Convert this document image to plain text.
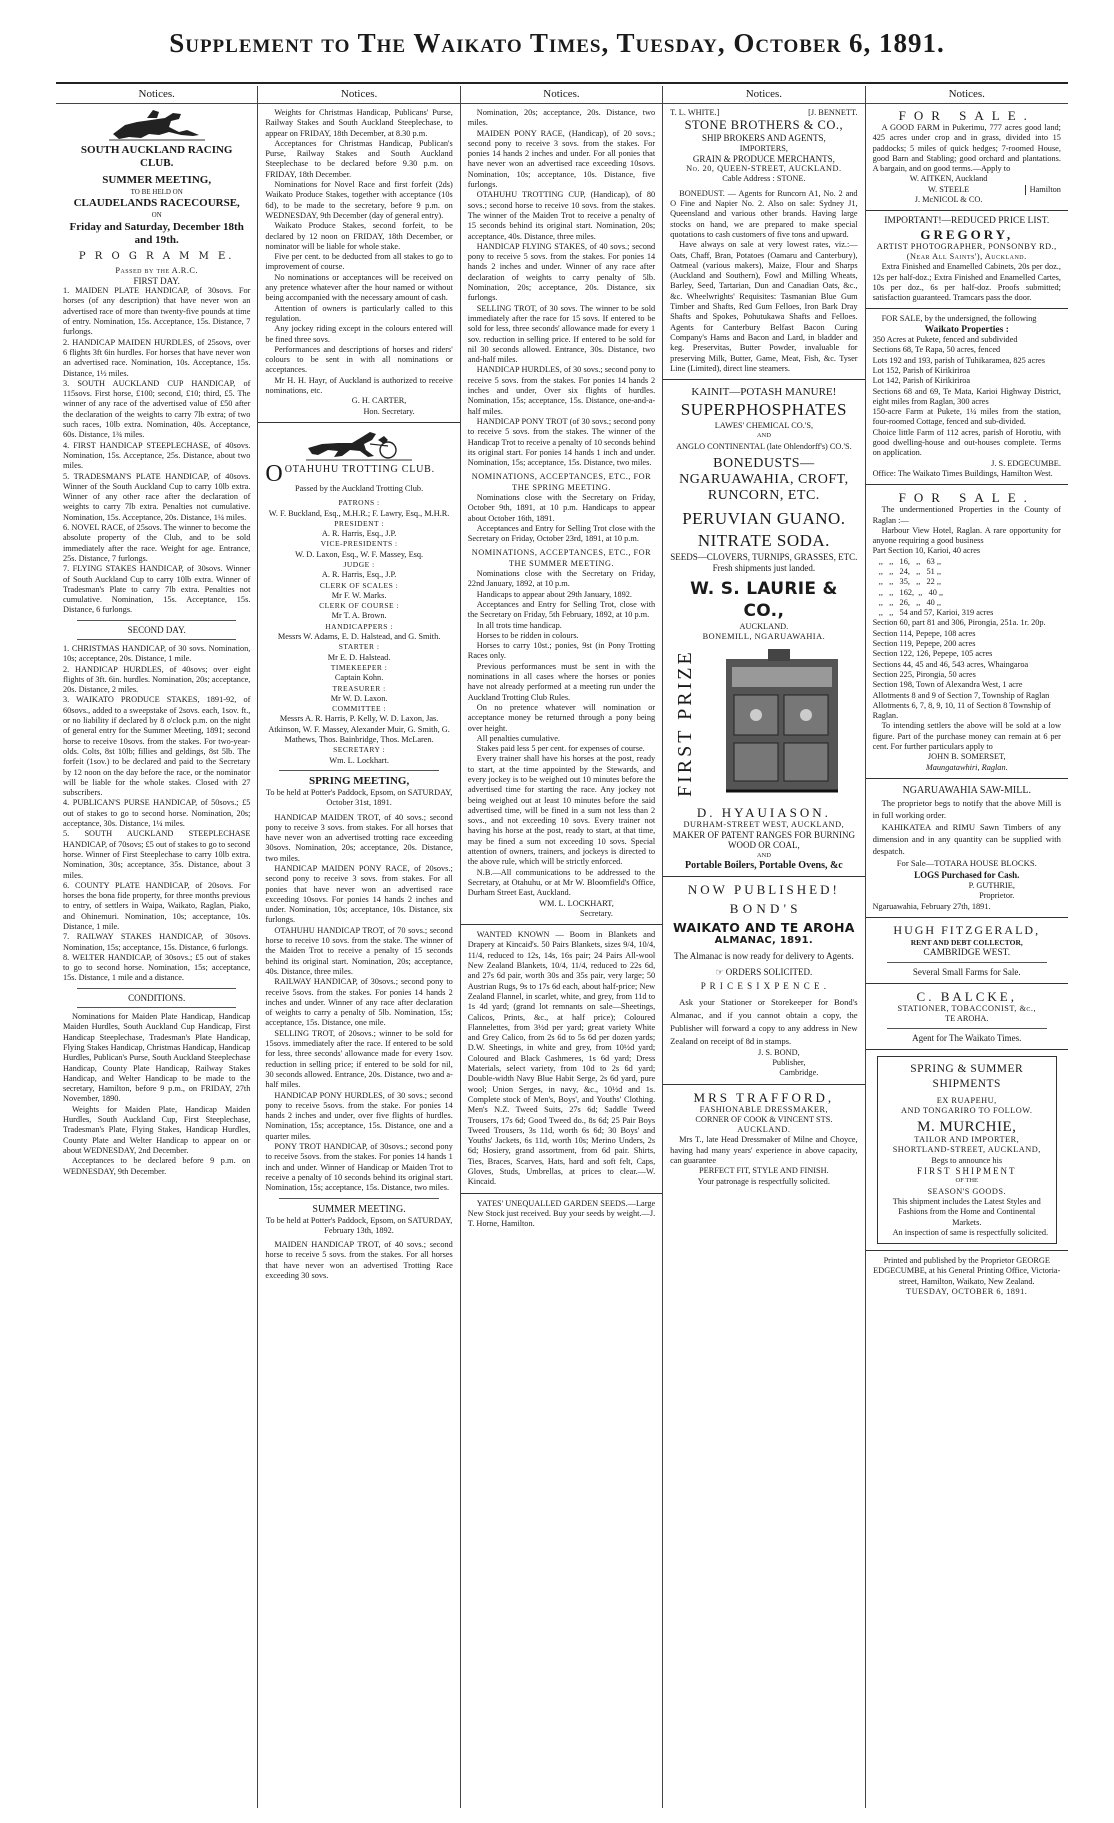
Supplement to The Waikato Times, Tuesday, October 6, 1891.
Notices.
SOUTH AUCKLAND RACING CLUB.
SUMMER MEETING,
TO BE HELD ON
CLAUDELANDS RACECOURSE,
ON
Friday and Saturday, December 18th and 19th.
P R O G R A M M E.
Passed by the A.R.C.
FIRST DAY.

1. MAIDEN PLATE HANDICAP, of 30sovs. For horses (of any description) that have never won an advertised race of more than twenty-five pounds at time of entry. Nomination, 15s. Acceptance, 15s. Distance, 7 furlongs.

2. HANDICAP MAIDEN HURDLES, of 25sovs, over 6 flights 3ft 6in hurdles. For horses that have never won an advertised race. Nomination, 10s. Acceptance, 15s. Distance, 1½ miles.

3. SOUTH AUCKLAND CUP HANDICAP, of 115sovs. First horse, £100; second, £10; third, £5. The winner of any race of the advertised value of £50 after the declaration of the weights to carry 7lb extra; of two such races, 10lb extra. Nomination, 40s. Acceptance, 60s. Distance, 1¾ miles.

4. FIRST HANDICAP STEEPLECHASE, of 40sovs. Nomination, 15s. Acceptance, 25s. Distance, about two miles.

5. TRADESMAN'S PLATE HANDICAP, of 40sovs. Winner of the South Auckland Cup to carry 10lb extra. Winner of any other race after the declaration of weights to carry 7lb extra. Penalties not cumulative. Nomination, 15s. Acceptance, 20s. Distance, 1¼ miles.

6. NOVEL RACE, of 25sovs. The winner to become the absolute property of the Club, and to be sold immediately after the race. Weight for age. Entrance, 25s. Distance, 7 furlongs.

7. FLYING STAKES HANDICAP, of 30sovs. Winner of South Auckland Cup to carry 10lb extra. Winner of Tradesman's Plate to carry 7lb extra. Penalties not cumulative. Nomination, 15s. Acceptance, 15s. Distance, 6 furlongs.

SECOND DAY.

1. CHRISTMAS HANDICAP, of 30 sovs. Nomination, 10s; acceptance, 20s. Distance, 1 mile.

2. HANDICAP HURDLES, of 40sovs; over eight flights of 3ft. 6in. hurdles. Nomination, 20s; acceptance, 20s. Distance, 2 miles.

3. WAIKATO PRODUCE STAKES, 1891-92, of 60sovs., added to a sweepstake of 2sovs. each, 1sov. ft., or no liability if declared by 8 o'clock p.m. on the night of general entry for the Summer Meeting, 1891; second horse to receive 10sovs. from the stakes. For two-year-olds. Colts, 8st 10lb; fillies and geldings, 8st 5lb. The forfeit (1sov.) to be declared and paid to the Secretary by 12 noon on the day before the race, or the nominator will be liable for the whole stakes. Closed with 27 subscribers.

4. PUBLICAN'S PURSE HANDICAP, of 50sovs.; £5 out of stakes to go to second horse. Nomination, 20s; acceptance, 30s. Distance, 1¼ miles.

5. SOUTH AUCKLAND STEEPLECHASE HANDICAP, of 70sovs; £5 out of stakes to go to second horse. Winner of First Steeplechase to carry 10lb extra. Nomination, 30s; acceptance, 35s. Distance, about 3 miles.

6. COUNTY PLATE HANDICAP, of 20sovs. For horses the bona fide property, for three months previous to entry, of settlers in Waipa, Waikato, Raglan, Piako, and Ohinemuri. Nomination, 10s; acceptance, 10s. Distance, 1 mile.

7. RAILWAY STAKES HANDICAP, of 30sovs. Nomination, 15s; acceptance, 15s. Distance, 6 furlongs.

8. WELTER HANDICAP, of 30sovs.; £5 out of stakes to go to second horse. Nomination, 15s; acceptance, 15s. Distance, 1 mile and a distance.

CONDITIONS.

Nominations for Maiden Plate Handicap, Handicap Maiden Hurdles, South Auckland Cup Handicap, First Handicap Steeplechase, Tradesman's Plate Handicap, Flying Stakes Handicap, Christmas Handicap, Handicap Hurdles, Publican's Purse, South Auckland Steeplechase Handicap, County Plate Handicap, Railway Stakes Handicap, and Welter Handicap to be made to the secretary, Hamilton, before 9 p.m., on FRIDAY, 27th November, 1890.

Weights for Maiden Plate, Handicap Maiden Hurdles, South Auckland Cup, First Steeplechase, Tradesman's Plate, Flying Stakes, Handicap Hurdles, County Plate and Welter Handicap to appear on or about WEDNESDAY, 2nd December.

Acceptances to be declared before 9 p.m. on WEDNESDAY, 9th December.

Notices.

Weights for Christmas Handicap, Publicans' Purse, Railway Stakes and South Auckland Steeplechase, to appear on FRIDAY, 18th December, at 8.30 p.m.

Acceptances for Christmas Handicap, Publican's Purse, Railway Stakes and South Auckland Steeplechase to be declared before 9.30 p.m. on FRIDAY, 18th December.

Nominations for Novel Race and first forfeit (2ds) Waikato Produce Stakes, together with acceptance (10s 6d), to be made to the secretary, before 9 p.m. on WEDNESDAY, 9th December (day of general entry).

Waikato Produce Stakes, second forfeit, to be declared by 12 noon on FRIDAY, 18th December, or nominator will be liable for whole stake.

Five per cent. to be deducted from all stakes to go to improvement of course.

No nominations or acceptances will be received on any pretence whatever after the hour named or without being accompanied with the necessary amount of cash.

Attention of owners is particularly called to this regulation.

Any jockey riding except in the colours entered will be fined three sovs.

Performances and descriptions of horses and riders' colours to be sent in with all nominations or acceptances.

Mr H. H. Hayr, of Auckland is authorized to receive nominations, etc.

G. H. CARTER,
Hon. Secretary.
O OTAHUHU TROTTING CLUB.
Passed by the Auckland Trotting Club.
PATRONS :

W. F. Buckland, Esq., M.H.R.; F. Lawry, Esq., M.H.R.

PRESIDENT :

A. R. Harris, Esq., J.P.

VICE-PRESIDENTS :

W. D. Laxon, Esq., W. F. Massey, Esq.

JUDGE :

A. R. Harris, Esq., J.P.

CLERK OF SCALES :

Mr F. W. Marks.

CLERK OF COURSE :

Mr T. A. Brown.

HANDICAPPERS :

Messrs W. Adams, E. D. Halstead, and G. Smith.

STARTER :

Mr E. D. Halstead.

TIMEKEEPER :

Captain Kohn.

TREASURER :

Mr W. D. Laxon.

COMMITTEE :

Messrs A. R. Harris, P. Kelly, W. D. Laxon, Jas. Atkinson, W. F. Massey, Alexander Muir, G. Smith, G. Mathews, Thos. Bainbridge, Thos. McLaren.

SECRETARY :

Wm. L. Lockhart.

SPRING MEETING,

To be held at Potter's Paddock, Epsom, on SATURDAY, October 31st, 1891.

HANDICAP MAIDEN TROT, of 40 sovs.; second pony to receive 3 sovs. from stakes. For all horses that have never won an advertised trotting race exceeding 30sovs. Nomination, 20s; acceptance, 20s. Distance, two miles.

HANDICAP MAIDEN PONY RACE, of 20sovs.; second pony to receive 3 sovs. from stakes. For all ponies that have never won an advertised race exceeding 10sovs. For ponies 14 hands 2 inches and under. Nomination, 10s; acceptance, 10s. Distance, six furlongs.

OTAHUHU HANDICAP TROT, of 70 sovs.; second horse to receive 10 sovs. from the stake. The winner of the Maiden Trot to receive a penalty of 15 seconds behind its original start. Nomination, 20s; acceptance, 40s. Distance, three miles.

RAILWAY HANDICAP, of 30sovs.; second pony to receive 5sovs. from the stakes. For ponies 14 hands 2 inches and under. Winner of any race after declaration of weights to carry a penalty of 5lb. Nomination, 15s; acceptance, 15s. Distance, one mile.

SELLING TROT, of 20sovs.; winner to be sold for 15sovs. immediately after the race. If entered to be sold for less, three seconds' allowance made for every 1sov. reduction in selling price; if entered to be sold for nil, 30 seconds allowed. Entrance, 20s. Distance, two and a-half miles.

HANDICAP PONY HURDLES, of 30 sovs.; second pony to receive 5sovs. from the stake. For ponies 14 hands 2 inches and under, over five flights of hurdles. Nomination, 15s; acceptance, 15s. Distance, one and a quarter miles.

PONY TROT HANDICAP, of 30sovs.; second pony to receive 5sovs. from the stakes. For ponies 14 hands 1 inch and under. Winner of Handicap or Maiden Trot to receive a penalty of 10 seconds behind its original start. Nomination, 15s; acceptance, 15s. Distance, two miles.

SUMMER MEETING.

To be held at Potter's Paddock, Epsom, on SATURDAY, February 13th, 1892.

MAIDEN HANDICAP TROT, of 40 sovs.; second horse to receive 5 sovs. from the stakes. For all horses that have never won an advertised Trotting Race exceeding 30 sovs.

Notices.

Nomination, 20s; acceptance, 20s. Distance, two miles.

MAIDEN PONY RACE, (Handicap), of 20 sovs.; second pony to receive 3 sovs. from the stakes. For ponies 14 hands 2 inches and under. For all ponies that have never won an advertised race exceeding 10sovs. Nomination, 10s; acceptance, 10s. Distance, five furlongs.

OTAHUHU TROTTING CUP, (Handicap), of 80 sovs.; second horse to receive 10 sovs. from the stakes. The winner of the Maiden Trot to receive a penalty of 15 seconds behind its original start. Nomination, 20s; acceptance, 40s. Distance, three miles.

HANDICAP FLYING STAKES, of 40 sovs.; second pony to receive 5 sovs. from the stakes. For ponies 14 hands 2 inches and under. Winner of any race after declaration of weights to carry penalty of 5lb. Nomination, 20s; acceptance, 20s. Distance, six furlongs.

SELLING TROT, of 30 sovs. The winner to be sold immediately after the race for 15 sovs. If entered to be sold for less, three seconds' allowance made for every 1 sov. reduction in selling price. If entered to be sold for nil 30 seconds allowed. Entrance, 30s. Distance, two and-half miles.

HANDICAP HURDLES, of 30 sovs.; second pony to receive 5 sovs. from the stakes. For ponies 14 hands 2 inches and under, Over six flights of hurdles. Nomination, 15s; acceptance, 15s. Distance, one-and-a-half miles.

HANDICAP PONY TROT (of 30 sovs.; second pony to receive 5 sovs. from the stakes. The winner of the Handicap Trot to receive a penalty of 10 seconds behind its original start. For ponies 14 hands 1 inch and under. Nomination, 15s; acceptance, 15s. Distance, two miles.

NOMINATIONS, ACCEPTANCES, ETC., FOR THE SPRING MEETING.

Nominations close with the Secretary on Friday, October 9th, 1891, at 10 p.m. Handicaps to appear about October 16th, 1891.

Acceptances and Entry for Selling Trot close with the Secretary on Friday, October 23rd, 1891, at 10 p.m.

NOMINATIONS, ACCEPTANCES, ETC., FOR THE SUMMER MEETING.

Nominations close with the Secretary on Friday, 22nd January, 1892, at 10 p.m.

Handicaps to appear about 29th January, 1892.

Acceptances and Entry for Selling Trot, close with the Secretary on Friday, 5th February, 1892, at 10 p.m.

In all trots time handicap.

Horses to be ridden in colours.

Horses to carry 10st.; ponies, 9st (in Pony Trotting Races only.

Previous performances must be sent in with the nominations in all cases where the horses or ponies have not already performed at a meeting run under the Auckland Trotting Club Rules.

On no pretence whatever will nomination or acceptance money be returned through a pony being over height.

All penalties cumulative.

Stakes paid less 5 per cent. for expenses of course.

Every trainer shall have his horses at the post, ready to start, at the time appointed by the Stewards, and every jockey is to be weighed out 10 minutes before the advertised time for starting the race. Any jockey not being weighed out at least 10 minutes before the said advertised time, will be fined in a sum not less than 2 sovs., and not exceeding 10 sovs. Every trainer not having his horse at the post, ready to start, at that time, may be fined a sum not exceeding 10 sovs. Special attention of owners, trainers, and jockeys is directed to the above rule, which will be strictly enforced.

N.B.—All communications to be addressed to the Secretary, at Otahuhu, or at Mr W. Bloomfield's Office, Durham Street East, Auckland.

WM. L. LOCKHART,
Secretary.

WANTED KNOWN — Boom in Blankets and Drapery at Kincaid's. 50 Pairs Blankets, sizes 9/4, 10/4, 11/4, reduced to 12s, 14s, 16s pair; 24 Pairs All-wool New Zealand Blankets, 10/4, 11/4, reduced to 22s 6d, and 27s 6d pair, worth 30s and 35s pair, very large; 50 Austrian Rugs, 9s to 17s 6d each, about half-price; New Zealand Flannel, in scarlet, white, and grey, from 11d to 1s 4d yard; (grand lot remnants on sale—Sheetings, Calicos, Prints, &c., at half price); Coloured Flannelettes, from 3½d per yard; great variety White and Grey Calico, from 2s 6d to 5s 6d per dozen yards; D.W. Sheetings, in white and grey, from 10½d yard; Coloured and Black Cashmeres, 1s 6d yard; Dress Materials, select variety, from 10d to 2s 6d yard; Double-width Navy Blue Habit Serge, 2s 6d yard, pure wool; Union Serges, in navy, &c., 10½d and 1s. Complete stock of Men's, Boys', and Youths' Clothing. Men's N.Z. Tweed Suits, 27s 6d; Saddle Tweed Trousers, 17s 6d; Good Tweed do., 8s 6d; 25 Pair Boys Tweed Trousers, 3s 11d, worth 6s 6d; 30 Boys' and Youths' Jackets, 6s 11d, worth 10s; Merino Unders, 2s 6d; Hosiery, grand assortment, from 6d pair. Shirts, Ties, Braces, Scarves, Hats, hard and soft felt, Caps, Gloves, Studs, Umbrellas, at prices to clear.—W. Kincaid.

YATES' UNEQUALLED GARDEN SEEDS.—Large New Stock just received. Buy your seeds by weight.—J. T. Horne, Hamilton.

Notices.
T. L. WHITE.]	[J. BENNETT.
STONE BROTHERS & CO.,
SHIP BROKERS AND AGENTS,
IMPORTERS,
GRAIN & PRODUCE MERCHANTS,
No. 20, QUEEN-STREET, AUCKLAND.
Cable Address : STONE.

BONEDUST. — Agents for Runcorn A1, No. 2 and O Fine and Napier No. 2. Also on sale: Sydney J1, Queensland and various other brands. Having large stocks on hand, we are prepared to make special quotations to cash customers of five tons and upward.

Have always on sale at very lowest rates, viz.:—Oats, Chaff, Bran, Potatoes (Oamaru and Canterbury), Oatmeal (various makers), Maize, Flour and Sharps (Auckland and Southern), Fowl and Milling Wheats, Barley, Seed, Tartarian, Dun and Canadian Oats, &c., &c. Wheelwrights' Requisites: Tasmanian Blue Gum Timber and Shafts, Red Gum Felloes, Iron Bark Dray Shafts and Spokes, Pohutukawa Shafts and Felloes. Agents for Canterbury Belfast Bacon Curing Company's Hams and Bacon and Lard, in bladder and keg. Preservitas, Butter Powder, invaluable for preserving Milk, Butter, Game, Meat, Fish, &c. Tyser Line (Limited), direct line steamers.

KAINIT—POTASH MANURE!
SUPERPHOSPHATES
LAWES' CHEMICAL CO.'S,
AND
ANGLO CONTINENTAL (late Ohlendorff's) CO.'S.
BONEDUSTS—NGARUAWAHIA, CROFT, RUNCORN, ETC.
PERUVIAN GUANO.
NITRATE SODA.

SEEDS—CLOVERS, TURNIPS, GRASSES, ETC. Fresh shipments just landed.

W. S. LAURIE & CO.,
AUCKLAND.
BONEMILL, NGARUAWAHIA.
FIRST PRIZE
D. HYAUIASON.
DURHAM-STREET WEST, AUCKLAND,
MAKER OF PATENT RANGES FOR BURNING WOOD OR COAL,
AND
Portable Boilers, Portable Ovens, &c
NOW PUBLISHED!
B O N D ' S
WAIKATO AND TE AROHA
ALMANAC, 1891.

The Almanac is now ready for delivery to Agents.

☞ ORDERS SOLICITED.
P R I C E S I X P E N C E .

Ask your Stationer or Storekeeper for Bond's Almanac, and if you cannot obtain a copy, the Publisher will forward a copy to any address in New Zealand on receipt of 8d in stamps.

J. S. BOND,
Publisher,
Cambridge.
MRS TRAFFORD,
FASHIONABLE DRESSMAKER,
CORNER OF COOK & VINCENT STS.
AUCKLAND.

Mrs T., late Head Dressmaker of Milne and Choyce, having had many years' experience in above capacity, can guarantee

PERFECT FIT, STYLE AND FINISH.
Your patronage is respectfully solicited.
Notices.
FOR SALE.

A GOOD FARM in Pukerimu, 777 acres good land; 425 acres under crop and in grass, divided into 15 paddocks; 5 miles of quick hedges; 7-roomed House, good Barn and Stabling; good orchard and plantations. A bargain, and on good terms.—Apply to

W. AITKEN, Auckland
W. STEELE
J. McNICOL & CO.
Hamilton
IMPORTANT!—REDUCED PRICE LIST.
GREGORY,
ARTIST PHOTOGRAPHER, PONSONBY RD., (Near All Saints'), Auckland.

Extra Finished and Enamelled Cabinets, 20s per doz., 12s per half-doz.; Extra Finished and Enamelled Cartes, 10s per doz., 6s per half-doz. Proofs submitted; satisfaction guaranteed. Tramcars pass the door.

FOR SALE, by the undersigned, the following

Waikato Properties :

350 Acres at Pukete, fenced and subdivided

Sections 68, Te Rapa, 50 acres, fenced

Lots 192 and 193, parish of Tuhikaramea, 825 acres

Lot 152, Parish of Kirikiriroa

Lot 142, Parish of Kirikiriroa

Sections 68 and 69, Te Mata, Karioi Highway District, eight miles from Raglan, 300 acres

150-acre Farm at Pukete, 1¼ miles from the station, four-roomed Cottage, fenced and sub-divided.

Choice little Farm of 112 acres, parish of Horotiu, with good dwelling-house and out-houses complete. Terms on application.

J. S. EDGECUMBE.

Office: The Waikato Times Buildings, Hamilton West.

FOR SALE.

The undermentioned Properties in the County of Raglan :—

Harbour View Hotel, Raglan. A rare opportunity for anyone requiring a good business

Part Section 10, Karioi, 40 acres

,,   ,,   16,   ,,   63 ,,

,,   ,,   24,   ,,   51 ,,

,,   ,,   35,   ,,   22 ,,

,,   ,,   162,  ,,   40 ,,

,,   ,,   26,   ,,   40 ,,

,,   ,,   54 and 57, Karioi, 319 acres

Section 60, part 81 and 306, Pirongia, 251a. 1r. 20p.

Section 114, Pepepe, 108 acres

Section 119, Pepepe, 200 acres

Section 122, 126, Pepepe, 105 acres

Sections 44, 45 and 46, 543 acres, Whaingaroa

Section 225, Pirongia, 50 acres

Section 198, Town of Alexandra West, 1 acre

Allotments 8 and 9 of Section 7, Township of Raglan

Allotments 6, 7, 8, 9, 10, 11 of Section 8 Township of Raglan.

To intending settlers the above will be sold at a low figure. Part of the purchase money can remain at 6 per cent. For further particulars apply to

JOHN B. SOMERSET,
Maungatawhiri, Raglan.
NGARUAWAHIA SAW-MILL.

The proprietor begs to notify that the above Mill is in full working order.

KAHIKATEA and RIMU Sawn Timbers of any dimension and in any quantity can be supplied with despatch.

For Sale—TOTARA HOUSE BLOCKS.
LOGS Purchased for Cash.
P. GUTHRIE,
Proprietor.
Ngaruawahia, February 27th, 1891.
HUGH FITZGERALD,
RENT AND DEBT COLLECTOR,
CAMBRIDGE WEST.
Several Small Farms for Sale.
C. BALCKE,
STATIONER, TOBACCONIST, &c.,
TE AROHA.
Agent for The Waikato Times.
SPRING & SUMMER SHIPMENTS
EX RUAPEHU,
AND TONGARIRO TO FOLLOW.
M. MURCHIE,
TAILOR AND IMPORTER,
SHORTLAND-STREET, AUCKLAND,
Begs to announce his
FIRST SHIPMENT
OF THE
SEASON'S GOODS.

This shipment includes the Latest Styles and Fashions from the Home and Continental Markets.

An inspection of same is respectfully solicited.

Printed and published by the Proprietor GEORGE EDGECUMBE, at his General Printing Office, Victoria-street, Hamilton, Waikato, New Zealand.

TUESDAY, OCTOBER 6, 1891.
